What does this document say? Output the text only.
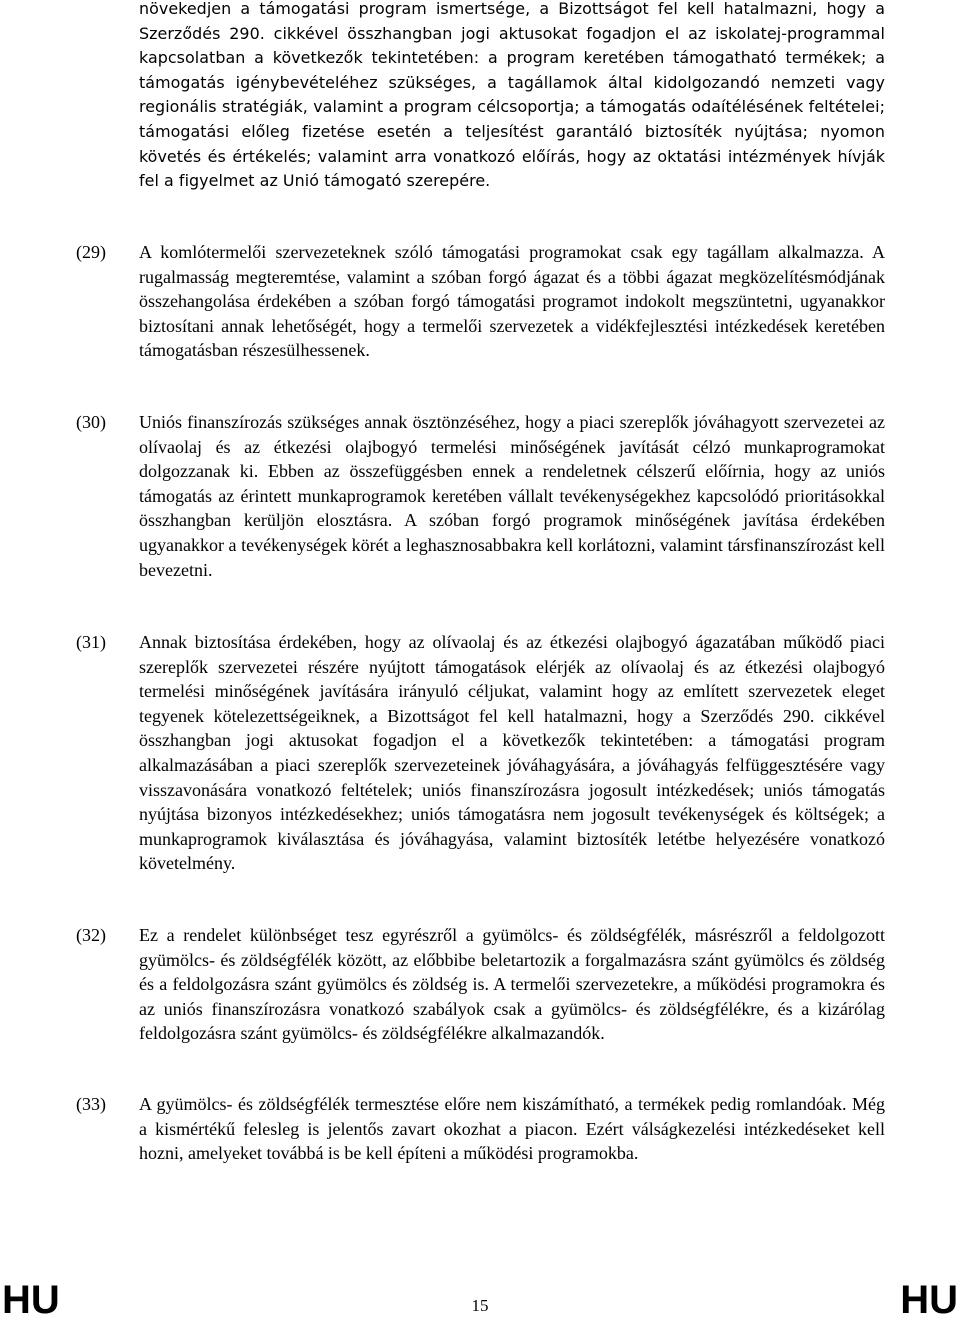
növekedjen a támogatási program ismertsége, a Bizottságot fel kell hatalmazni, hogy a Szerződés 290. cikkével összhangban jogi aktusokat fogadjon el az iskolatej-programmal kapcsolatban a következők tekintetében: a program keretében támogatható termékek; a támogatás igénybevételéhez szükséges, a tagállamok által kidolgozandó nemzeti vagy regionális stratégiák, valamint a program célcsoportja; a támogatás odaítélésének feltételei; támogatási előleg fizetése esetén a teljesítést garantáló biztosíték nyújtása; nyomon követés és értékelés; valamint arra vonatkozó előírás, hogy az oktatási intézmények hívják fel a figyelmet az Unió támogató szerepére.

(29) A komlótermelői szervezeteknek szóló támogatási programokat csak egy tagállam alkalmazza. A rugalmasság megteremtése, valamint a szóban forgó ágazat és a többi ágazat megközelítésmódjának összehangolása érdekében a szóban forgó támogatási programot indokolt megszüntetni, ugyanakkor biztosítani annak lehetőségét, hogy a termelői szervezetek a vidékfejlesztési intézkedések keretében támogatásban részesülhessenek.

(30) Uniós finanszírozás szükséges annak ösztönzéséhez, hogy a piaci szereplők jóváhagyott szervezetei az olívaolaj és az étkezési olajbogyó termelési minőségének javítását célzó munkaprogramokat dolgozzanak ki. Ebben az összefüggésben ennek a rendeletnek célszerű előírnia, hogy az uniós támogatás az érintett munkaprogramok keretében vállalt tevékenységekhez kapcsolódó prioritásokkal összhangban kerüljön elosztásra. A szóban forgó programok minőségének javítása érdekében ugyanakkor a tevékenységek körét a leghasznosabbakra kell korlátozni, valamint társfinanszírozást kell bevezetni.

(31) Annak biztosítása érdekében, hogy az olívaolaj és az étkezési olajbogyó ágazatában működő piaci szereplők szervezetei részére nyújtott támogatások elérjék az olívaolaj és az étkezési olajbogyó termelési minőségének javítására irányuló céljukat, valamint hogy az említett szervezetek eleget tegyenek kötelezettségeiknek, a Bizottságot fel kell hatalmazni, hogy a Szerződés 290. cikkével összhangban jogi aktusokat fogadjon el a következők tekintetében: a támogatási program alkalmazásában a piaci szereplők szervezeteinek jóváhagyására, a jóváhagyás felfüggesztésére vagy visszavonására vonatkozó feltételek; uniós finanszírozásra jogosult intézkedések; uniós támogatás nyújtása bizonyos intézkedésekhez; uniós támogatásra nem jogosult tevékenységek és költségek; a munkaprogramok kiválasztása és jóváhagyása, valamint biztosíték letétbe helyezésére vonatkozó követelmény.

(32) Ez a rendelet különbséget tesz egyrészről a gyümölcs- és zöldségfélék, másrészről a feldolgozott gyümölcs- és zöldségfélék között, az előbbibe beletartozik a forgalmazásra szánt gyümölcs és zöldség és a feldolgozásra szánt gyümölcs és zöldség is. A termelői szervezetekre, a működési programokra és az uniós finanszírozásra vonatkozó szabályok csak a gyümölcs- és zöldségfélékre, és a kizárólag feldolgozásra szánt gyümölcs- és zöldségfélékre alkalmazandók.

(33) A gyümölcs- és zöldségfélék termesztése előre nem kiszámítható, a termékek pedig romlandóak. Még a kismértékű felesleg is jelentős zavart okozhat a piacon. Ezért válságkezelési intézkedéseket kell hozni, amelyeket továbbá is be kell építeni a működési programokba.

HU	15	HU
